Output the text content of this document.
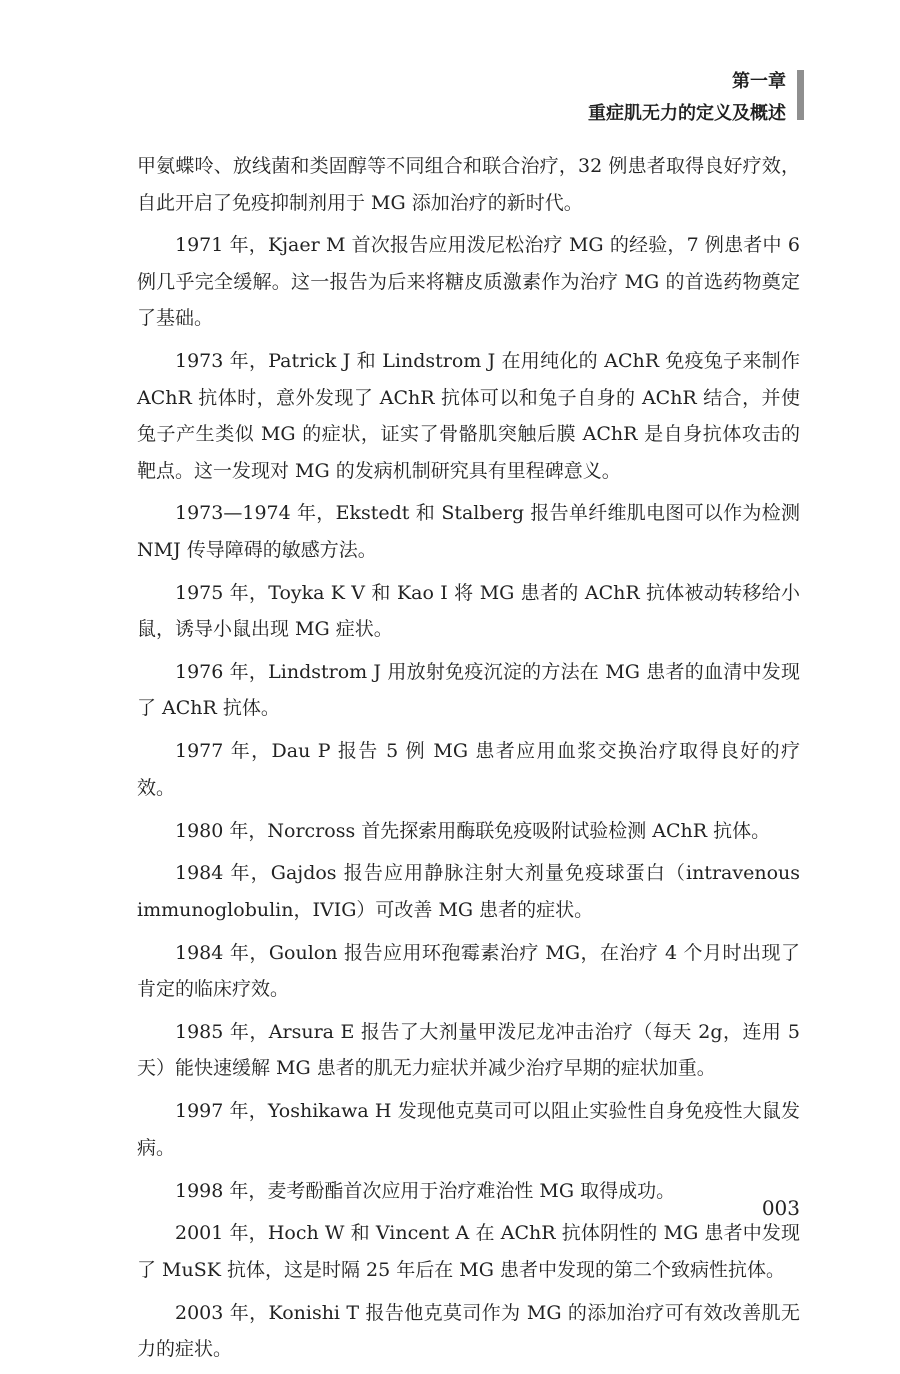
第一章
重症肌无力的定义及概述

甲氨蝶呤、放线菌和类固醇等不同组合和联合治疗，32 例患者取得良好疗效，自此开启了免疫抑制剂用于 MG 添加治疗的新时代。

1971 年，Kjaer M 首次报告应用泼尼松治疗 MG 的经验，7 例患者中 6 例几乎完全缓解。这一报告为后来将糖皮质激素作为治疗 MG 的首选药物奠定了基础。

1973 年，Patrick J 和 Lindstrom J 在用纯化的 AChR 免疫兔子来制作 AChR 抗体时，意外发现了 AChR 抗体可以和兔子自身的 AChR 结合，并使兔子产生类似 MG 的症状，证实了骨骼肌突触后膜 AChR 是自身抗体攻击的靶点。这一发现对 MG 的发病机制研究具有里程碑意义。

1973—1974 年，Ekstedt 和 Stalberg 报告单纤维肌电图可以作为检测 NMJ 传导障碍的敏感方法。

1975 年，Toyka K V 和 Kao I 将 MG 患者的 AChR 抗体被动转移给小鼠，诱导小鼠出现 MG 症状。

1976 年，Lindstrom J 用放射免疫沉淀的方法在 MG 患者的血清中发现了 AChR 抗体。

1977 年，Dau P 报告 5 例 MG 患者应用血浆交换治疗取得良好的疗效。

1980 年，Norcross 首先探索用酶联免疫吸附试验检测 AChR 抗体。

1984 年，Gajdos 报告应用静脉注射大剂量免疫球蛋白（intravenous immunoglobulin，IVIG）可改善 MG 患者的症状。

1984 年，Goulon 报告应用环孢霉素治疗 MG，在治疗 4 个月时出现了肯定的临床疗效。

1985 年，Arsura E 报告了大剂量甲泼尼龙冲击治疗（每天 2g，连用 5 天）能快速缓解 MG 患者的肌无力症状并减少治疗早期的症状加重。

1997 年，Yoshikawa H 发现他克莫司可以阻止实验性自身免疫性大鼠发病。

1998 年，麦考酚酯首次应用于治疗难治性 MG 取得成功。

2001 年，Hoch W 和 Vincent A 在 AChR 抗体阴性的 MG 患者中发现了 MuSK 抗体，这是时隔 25 年后在 MG 患者中发现的第二个致病性抗体。

2003 年，Konishi T 报告他克莫司作为 MG 的添加治疗可有效改善肌无力的症状。

003
